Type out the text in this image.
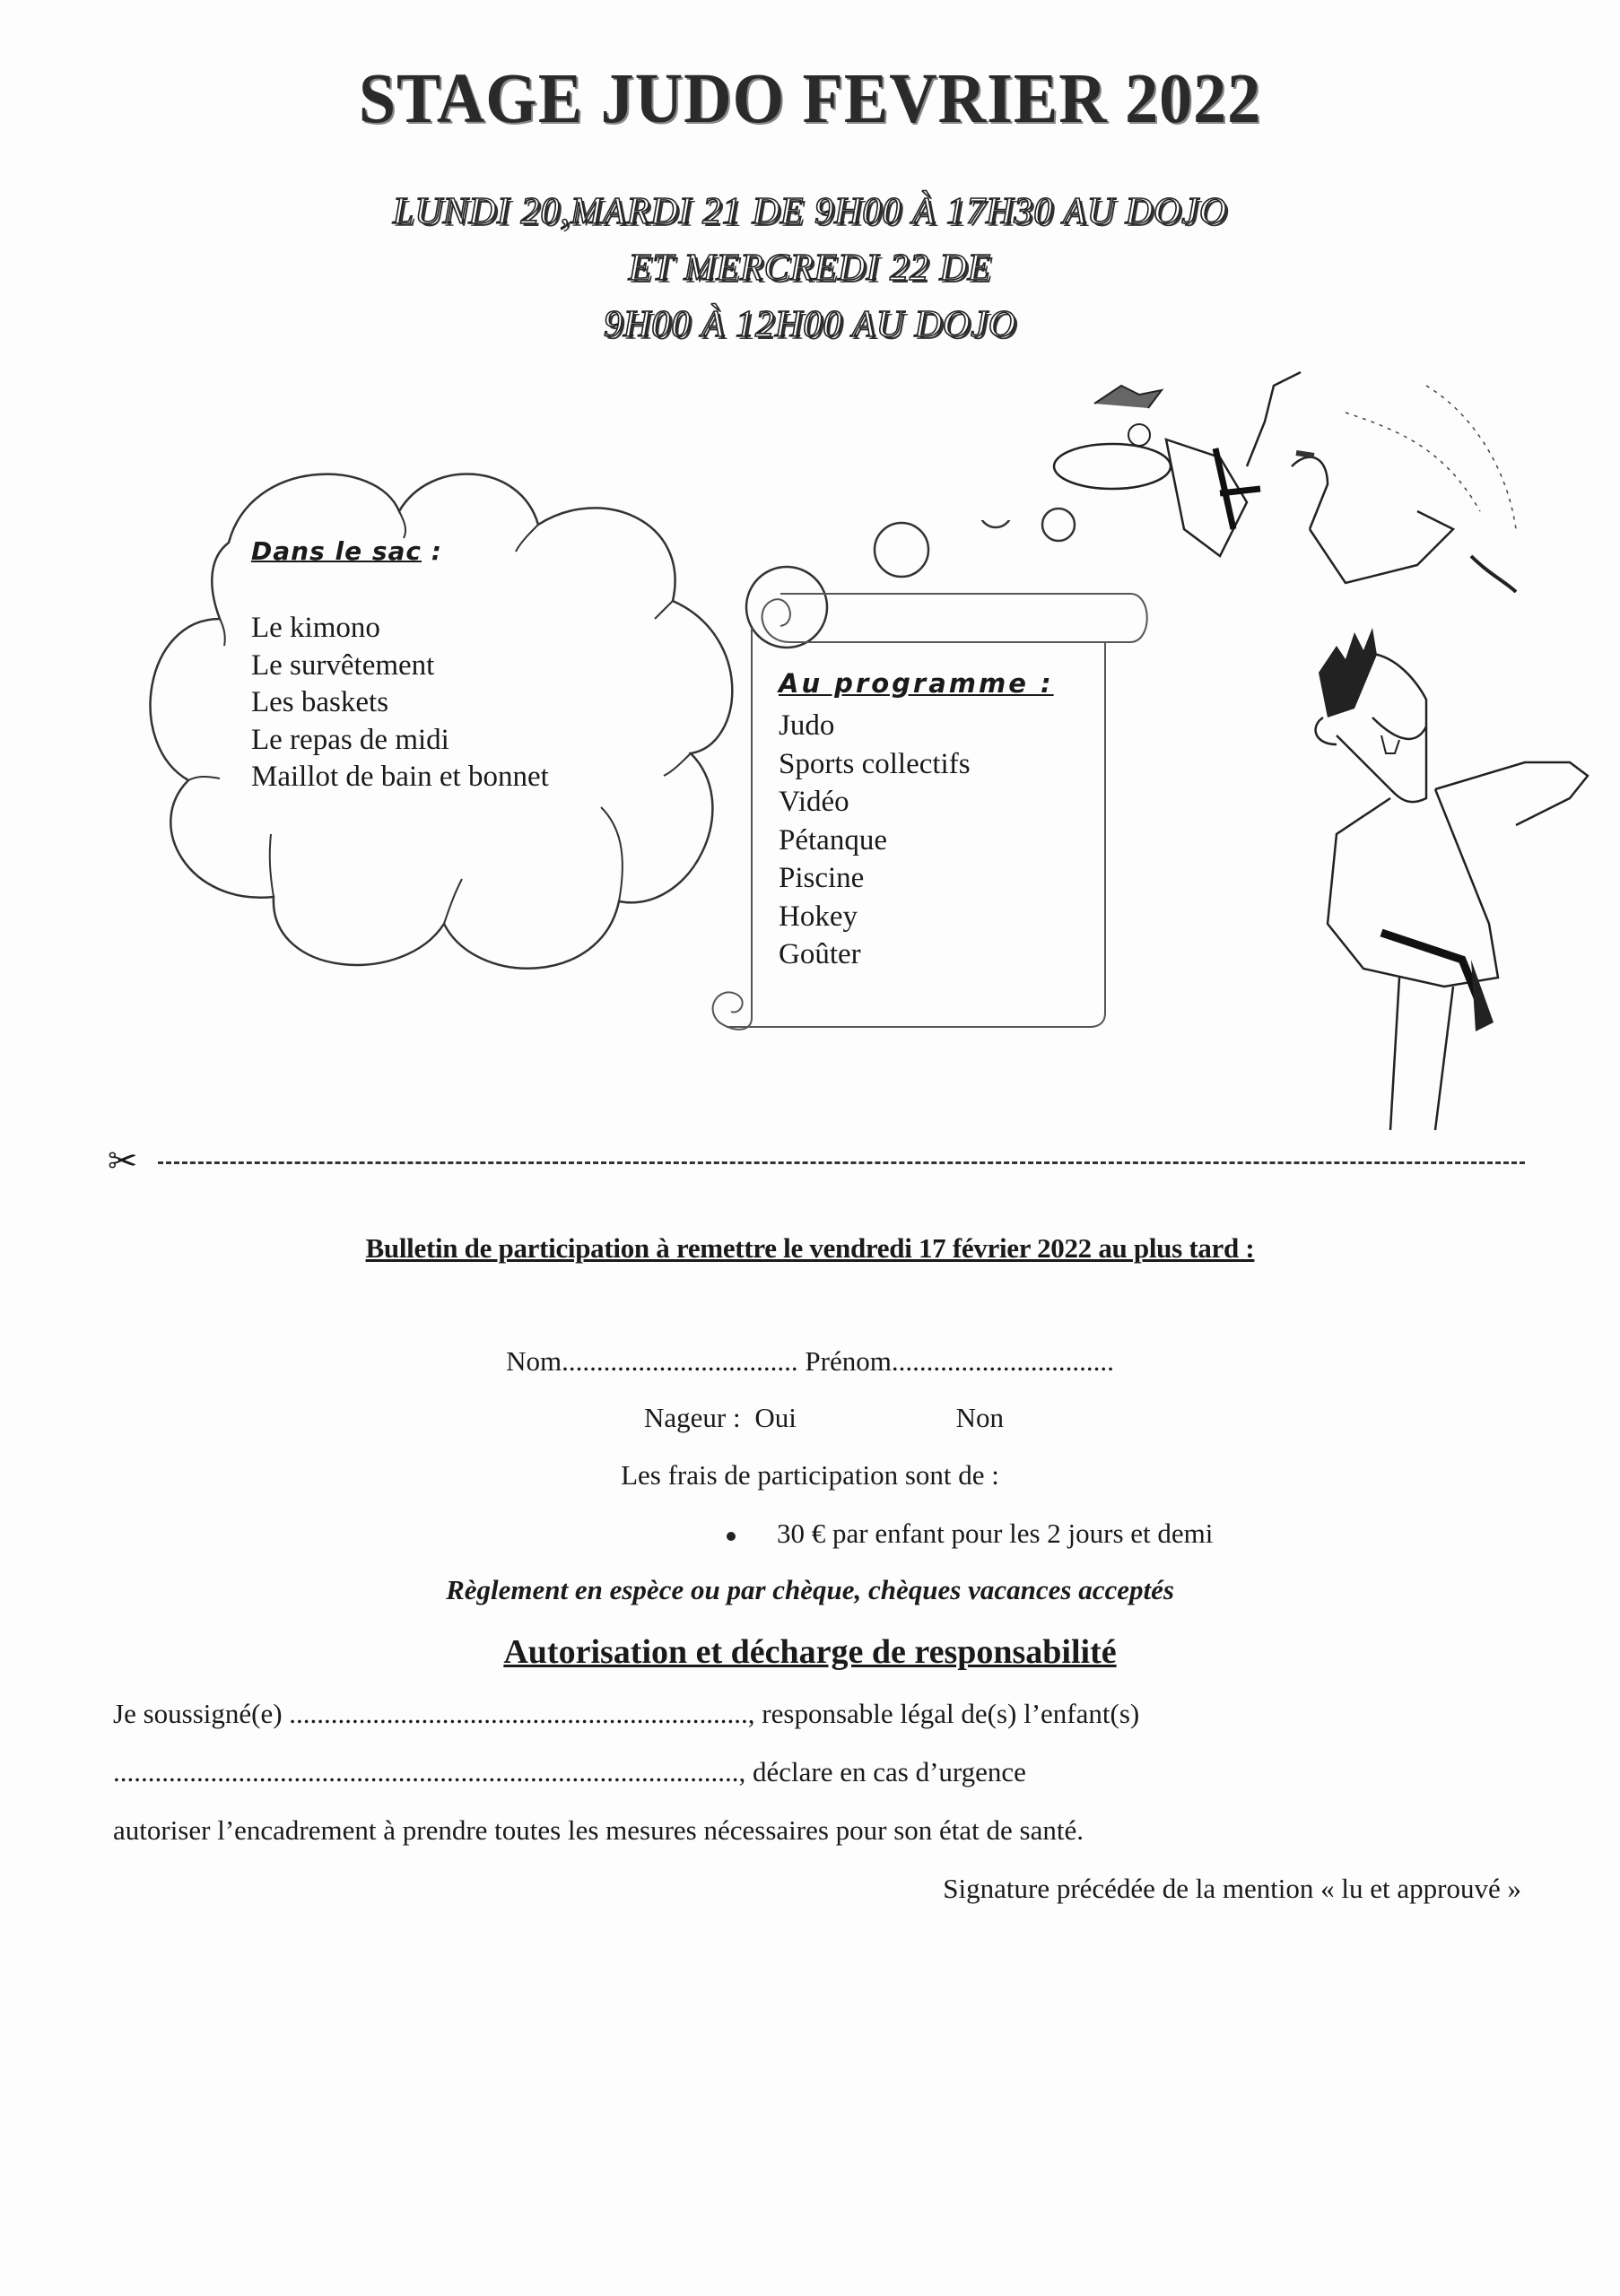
STAGE JUDO FEVRIER 2022
LUNDI 20,MARDI 21 DE 9H00 À 17H30 AU DOJO
ET MERCREDI 22 DE
9H00 À 12H00 AU DOJO
Dans le sac :
Le kimono
Le survêtement
Les baskets
Le repas de midi
Maillot de bain et bonnet
Au programme :
Judo
Sports collectifs
Vidéo
Pétanque
Piscine
Hokey
Goûter
✂
Bulletin de participation à remettre le vendredi 17 février 2022 au plus tard :
Nom.................................. Prénom................................
Nageur : Oui	Non
Les frais de participation sont de :
30 € par enfant pour les 2 jours et demi
Règlement en espèce ou par chèque, chèques vacances acceptés
Autorisation et décharge de responsabilité
Je soussigné(e) .................................................................., responsable légal de(s) l’enfant(s)
.........................................................................................., déclare en cas d’urgence
autoriser l’encadrement à prendre toutes les mesures nécessaires pour son état de santé.
Signature précédée de la mention « lu et approuvé »
